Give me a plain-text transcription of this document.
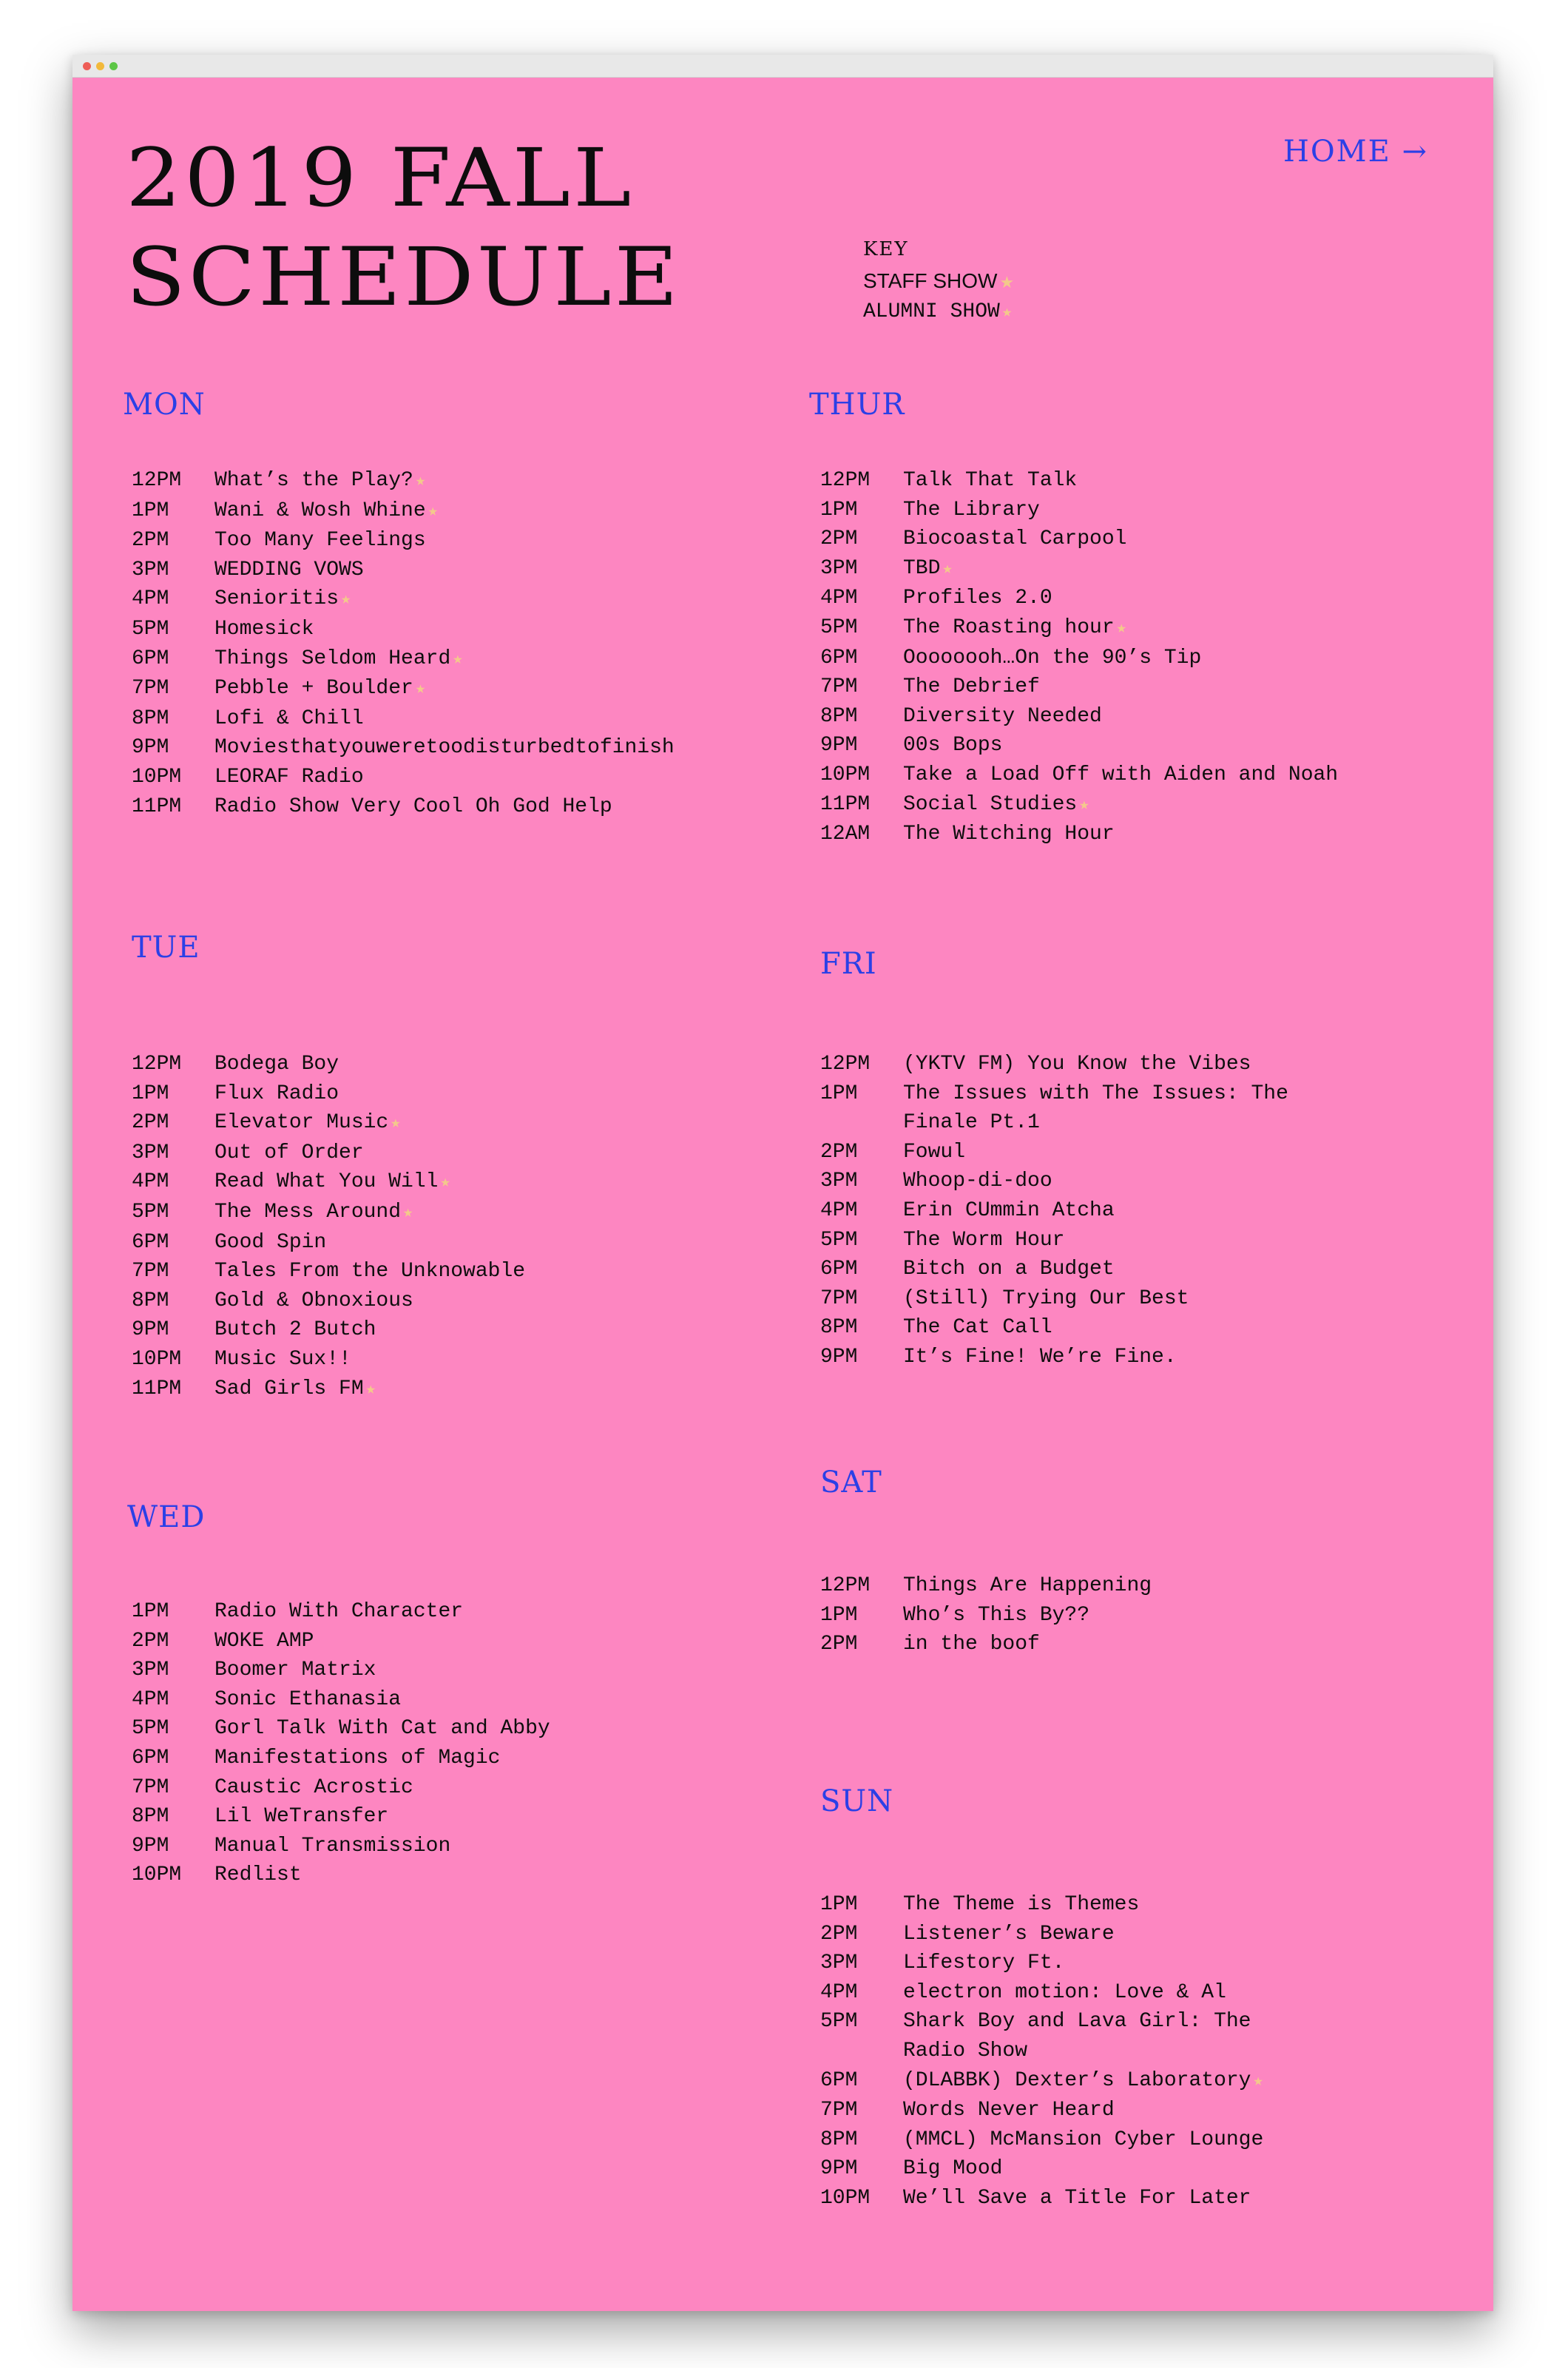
2019 FALL
SCHEDULE
HOME →
KEY
STAFF SHOW ★
ALUMNI SHOW ★
MON
12PM	What’s the Play? ★
1PM	Wani & Wosh Whine ★
2PM	Too Many Feelings
3PM	WEDDING VOWS
4PM	Senioritis ★
5PM	Homesick
6PM	Things Seldom Heard ★
7PM	Pebble + Boulder ★
8PM	Lofi & Chill
9PM	Moviesthatyouweretoodisturbedtofinish
10PM	LEORAF Radio
11PM	Radio Show Very Cool Oh God Help
TUE
12PM	Bodega Boy
1PM	Flux Radio
2PM	Elevator Music ★
3PM	Out of Order
4PM	Read What You Will ★
5PM	The Mess Around ★
6PM	Good Spin
7PM	Tales From the Unknowable
8PM	Gold & Obnoxious
9PM	Butch 2 Butch
10PM	Music Sux!!
11PM	Sad Girls FM ★
WED
1PM	Radio With Character
2PM	WOKE AMP
3PM	Boomer Matrix
4PM	Sonic Ethanasia
5PM	Gorl Talk With Cat and Abby
6PM	Manifestations of Magic
7PM	Caustic Acrostic
8PM	Lil WeTransfer
9PM	Manual Transmission
10PM	Redlist
THUR
12PM	Talk That Talk
1PM	The Library
2PM	Biocoastal Carpool
3PM	TBD ★
4PM	Profiles 2.0
5PM	The Roasting hour ★
6PM	Oooooooh…On the 90’s Tip
7PM	The Debrief
8PM	Diversity Needed
9PM	00s Bops
10PM	Take a Load Off with Aiden and Noah
11PM	Social Studies ★
12AM	The Witching Hour
FRI
12PM	(YKTV FM) You Know the Vibes
1PM	The Issues with The Issues: The Finale Pt.1
2PM	Fowul
3PM	Whoop-di-doo
4PM	Erin CUmmin Atcha
5PM	The Worm Hour
6PM	Bitch on a Budget
7PM	(Still) Trying Our Best
8PM	The Cat Call
9PM	It’s Fine! We’re Fine.
SAT
12PM	Things Are Happening
1PM	Who’s This By??
2PM	in the boof
SUN
1PM	The Theme is Themes
2PM	Listener’s Beware
3PM	Lifestory Ft.
4PM	electron motion: Love & Al
5PM	Shark Boy and Lava Girl: The Radio Show
6PM	(DLABBK) Dexter’s Laboratory ★
7PM	Words Never Heard
8PM	(MMCL) McMansion Cyber Lounge
9PM	Big Mood
10PM	We’ll Save a Title For Later
